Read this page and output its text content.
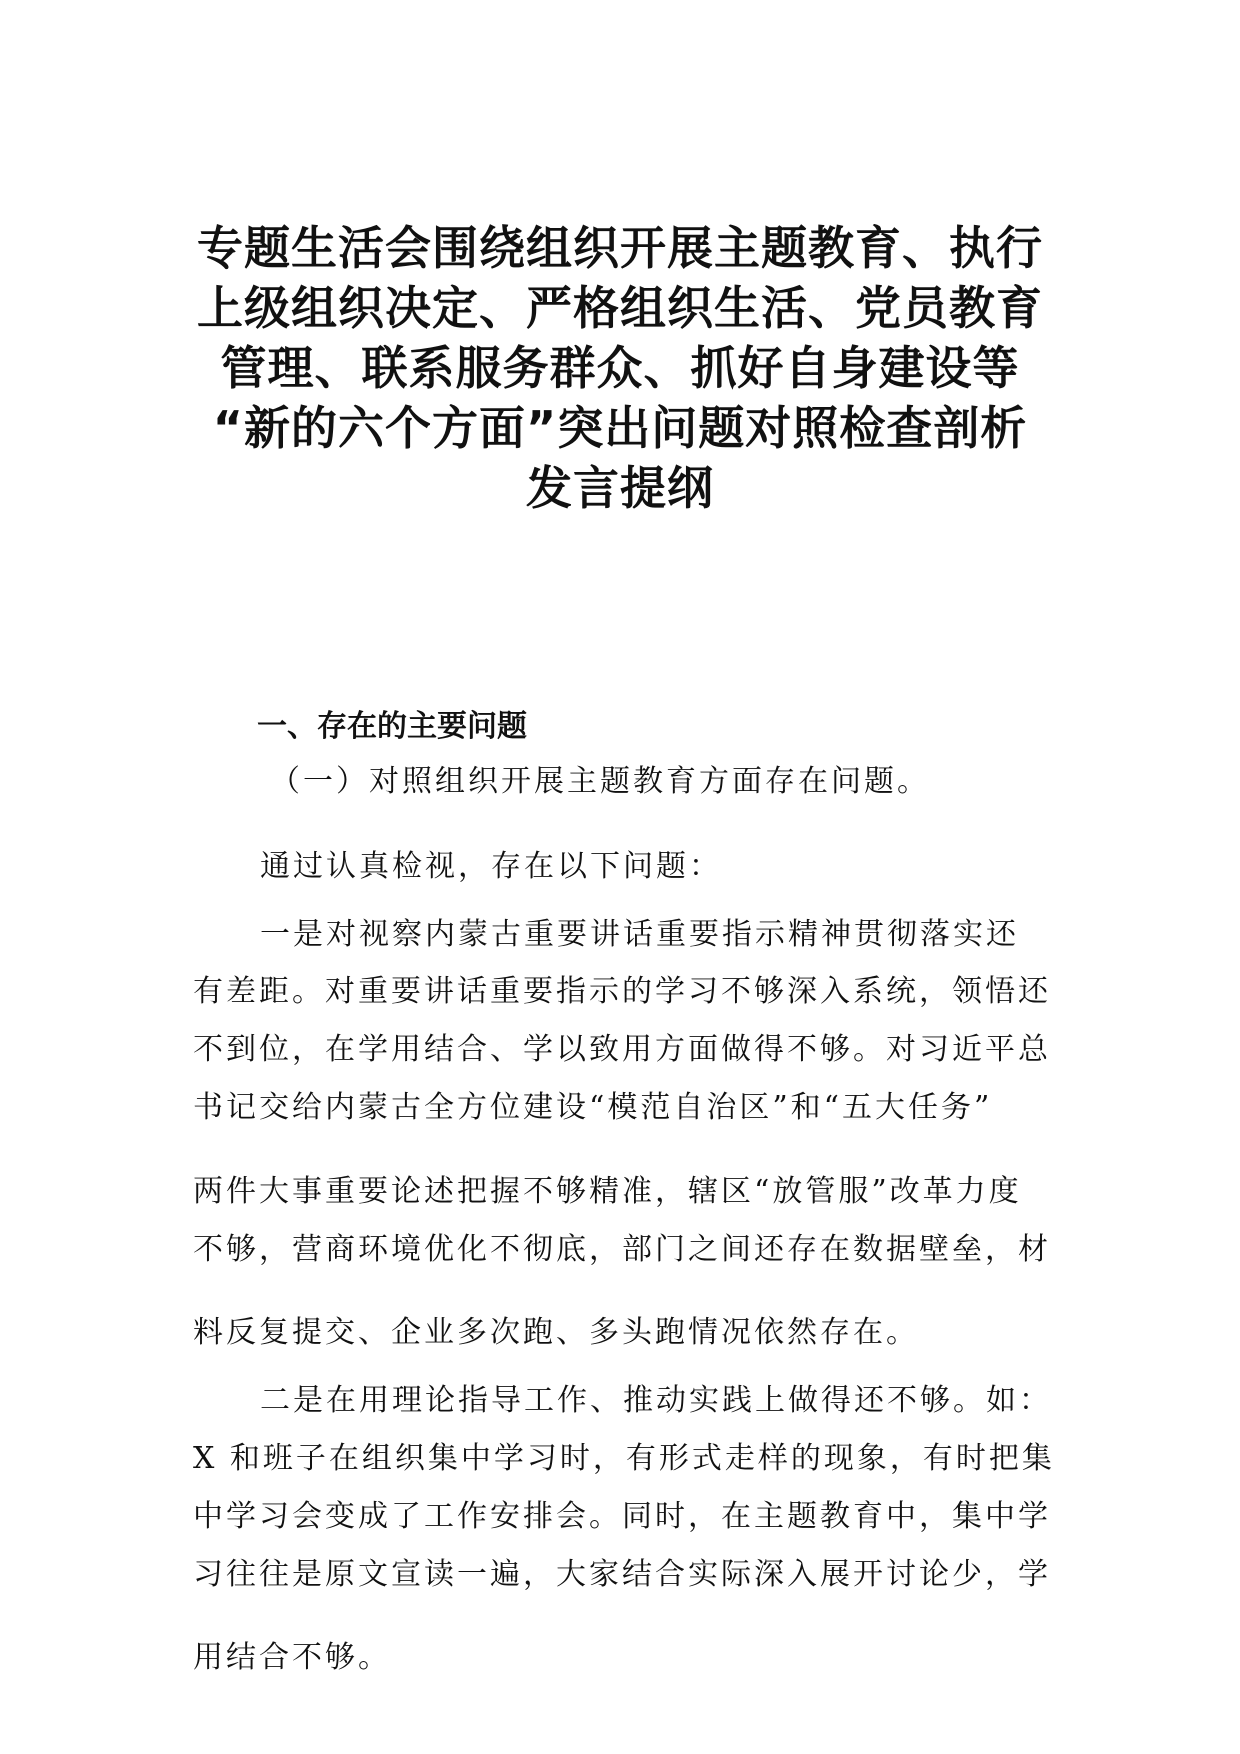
专题生活会围绕组织开展主题教育、执行
上级组织决定、严格组织生活、党员教育
管理、联系服务群众、抓好自身建设等
“新的六个方面”突出问题对照检查剖析
发言提纲
一、存在的主要问题
（一）对照组织开展主题教育方面存在问题。
通过认真检视，存在以下问题：
一是对视察内蒙古重要讲话重要指示精神贯彻落实还
有差距。对重要讲话重要指示的学习不够深入系统，领悟还
不到位，在学用结合、学以致用方面做得不够。对习近平总
书记交给内蒙古全方位建设“模范自治区”和“五大任务”
两件大事重要论述把握不够精准，辖区“放管服”改革力度
不够，营商环境优化不彻底，部门之间还存在数据壁垒，材
料反复提交、企业多次跑、多头跑情况依然存在。
二是在用理论指导工作、推动实践上做得还不够。如：
X 和班子在组织集中学习时，有形式走样的现象，有时把集
中学习会变成了工作安排会。同时，在主题教育中，集中学
习往往是原文宣读一遍，大家结合实际深入展开讨论少，学
用结合不够。
